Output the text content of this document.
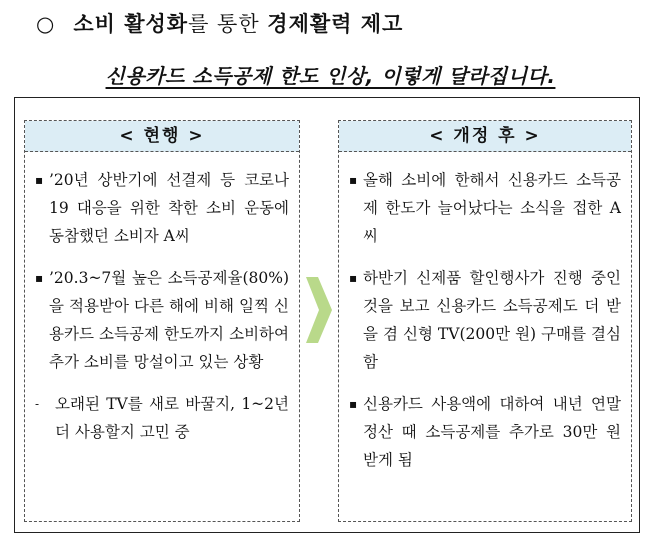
○ 소비 활성화를 통한 경제활력 제고
신용카드 소득공제 한도 인상, 이렇게 달라집니다.
< 현행 >
▪ ’20년 상반기에 선결제 등 코로나19 대응을 위한 착한 소비 운동에 동참했던 소비자 A씨
▪ ’20.3~7월 높은 소득공제율(80%)을 적용받아 다른 해에 비해 일찍 신용카드 소득공제 한도까지 소비하여 추가 소비를 망설이고 있는 상황
- 오래된 TV를 새로 바꿀지, 1~2년 더 사용할지 고민 중
< 개정 후 >
▪ 올해 소비에 한해서 신용카드 소득공제 한도가 늘어났다는 소식을 접한 A씨
▪ 하반기 신제품 할인행사가 진행 중인 것을 보고 신용카드 소득공제도 더 받을 겸 신형 TV(200만 원) 구매를 결심함
▪ 신용카드 사용액에 대하여 내년 연말정산 때 소득공제를 추가로 30만 원 받게 됨
